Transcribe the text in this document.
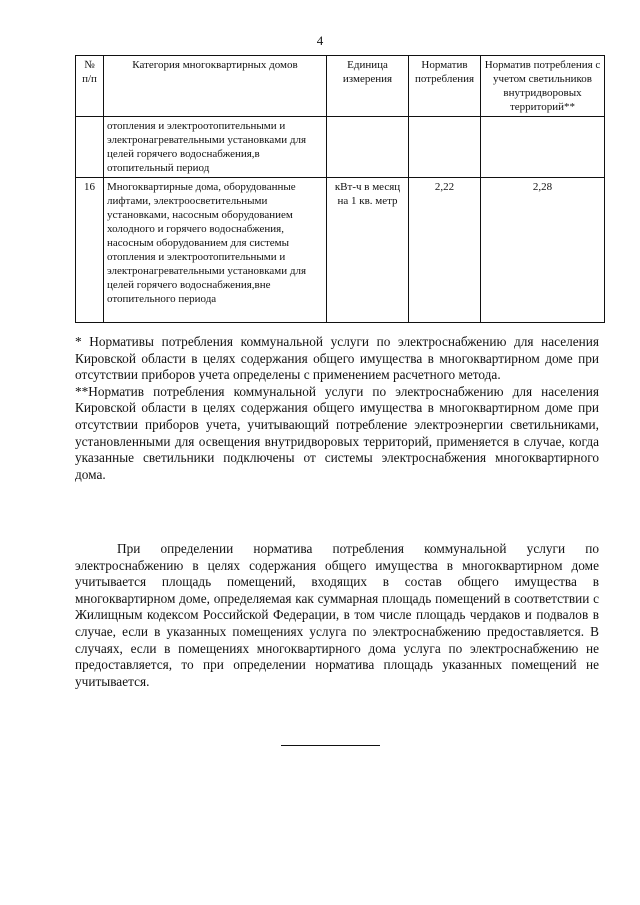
4
№ п/п	Категория многоквартирных домов	Единица измерения	Норматив потребления	Норматив потребления с учетом светильников внутридворовых территорий**
	отопления и электроотопительными и электронагревательными установками для целей горячего водоснабжения,в отопительный период			
16	Многоквартирные дома, оборудованные лифтами, электроосветительными установками, насосным оборудованием холодного и горячего водоснабжения, насосным оборудованием для системы отопления и электроотопительными и электронагревательными установками для целей горячего водоснабжения,вне отопительного периода	кВт-ч в месяц на 1 кв. метр	2,22	2,28

* Нормативы потребления коммунальной услуги по электроснабжению для населения Кировской области в целях содержания общего имущества в многоквартирном доме при отсутствии приборов учета определены с применением расчетного метода.

**Норматив потребления коммунальной услуги по электроснабжению для населения Кировской области в целях содержания общего имущества в многоквартирном доме при отсутствии приборов учета, учитывающий потребление электроэнергии светильниками, установленными для освещения внутридворовых территорий, применяется в случае, когда указанные светильники подключены от системы электроснабжения многоквартирного дома.

При определении норматива потребления коммунальной услуги по электроснабжению в целях содержания общего имущества в многоквартирном доме учитывается площадь помещений, входящих в состав общего имущества в многоквартирном доме, определяемая как суммарная площадь помещений в соответствии с Жилищным кодексом Российской Федерации, в том числе площадь чердаков и подвалов в случае, если в указанных помещениях услуга по электроснабжению предоставляется. В случаях, если в помещениях многоквартирного дома услуга по электроснабжению не предоставляется, то при определении норматива площадь указанных помещений не учитывается.
